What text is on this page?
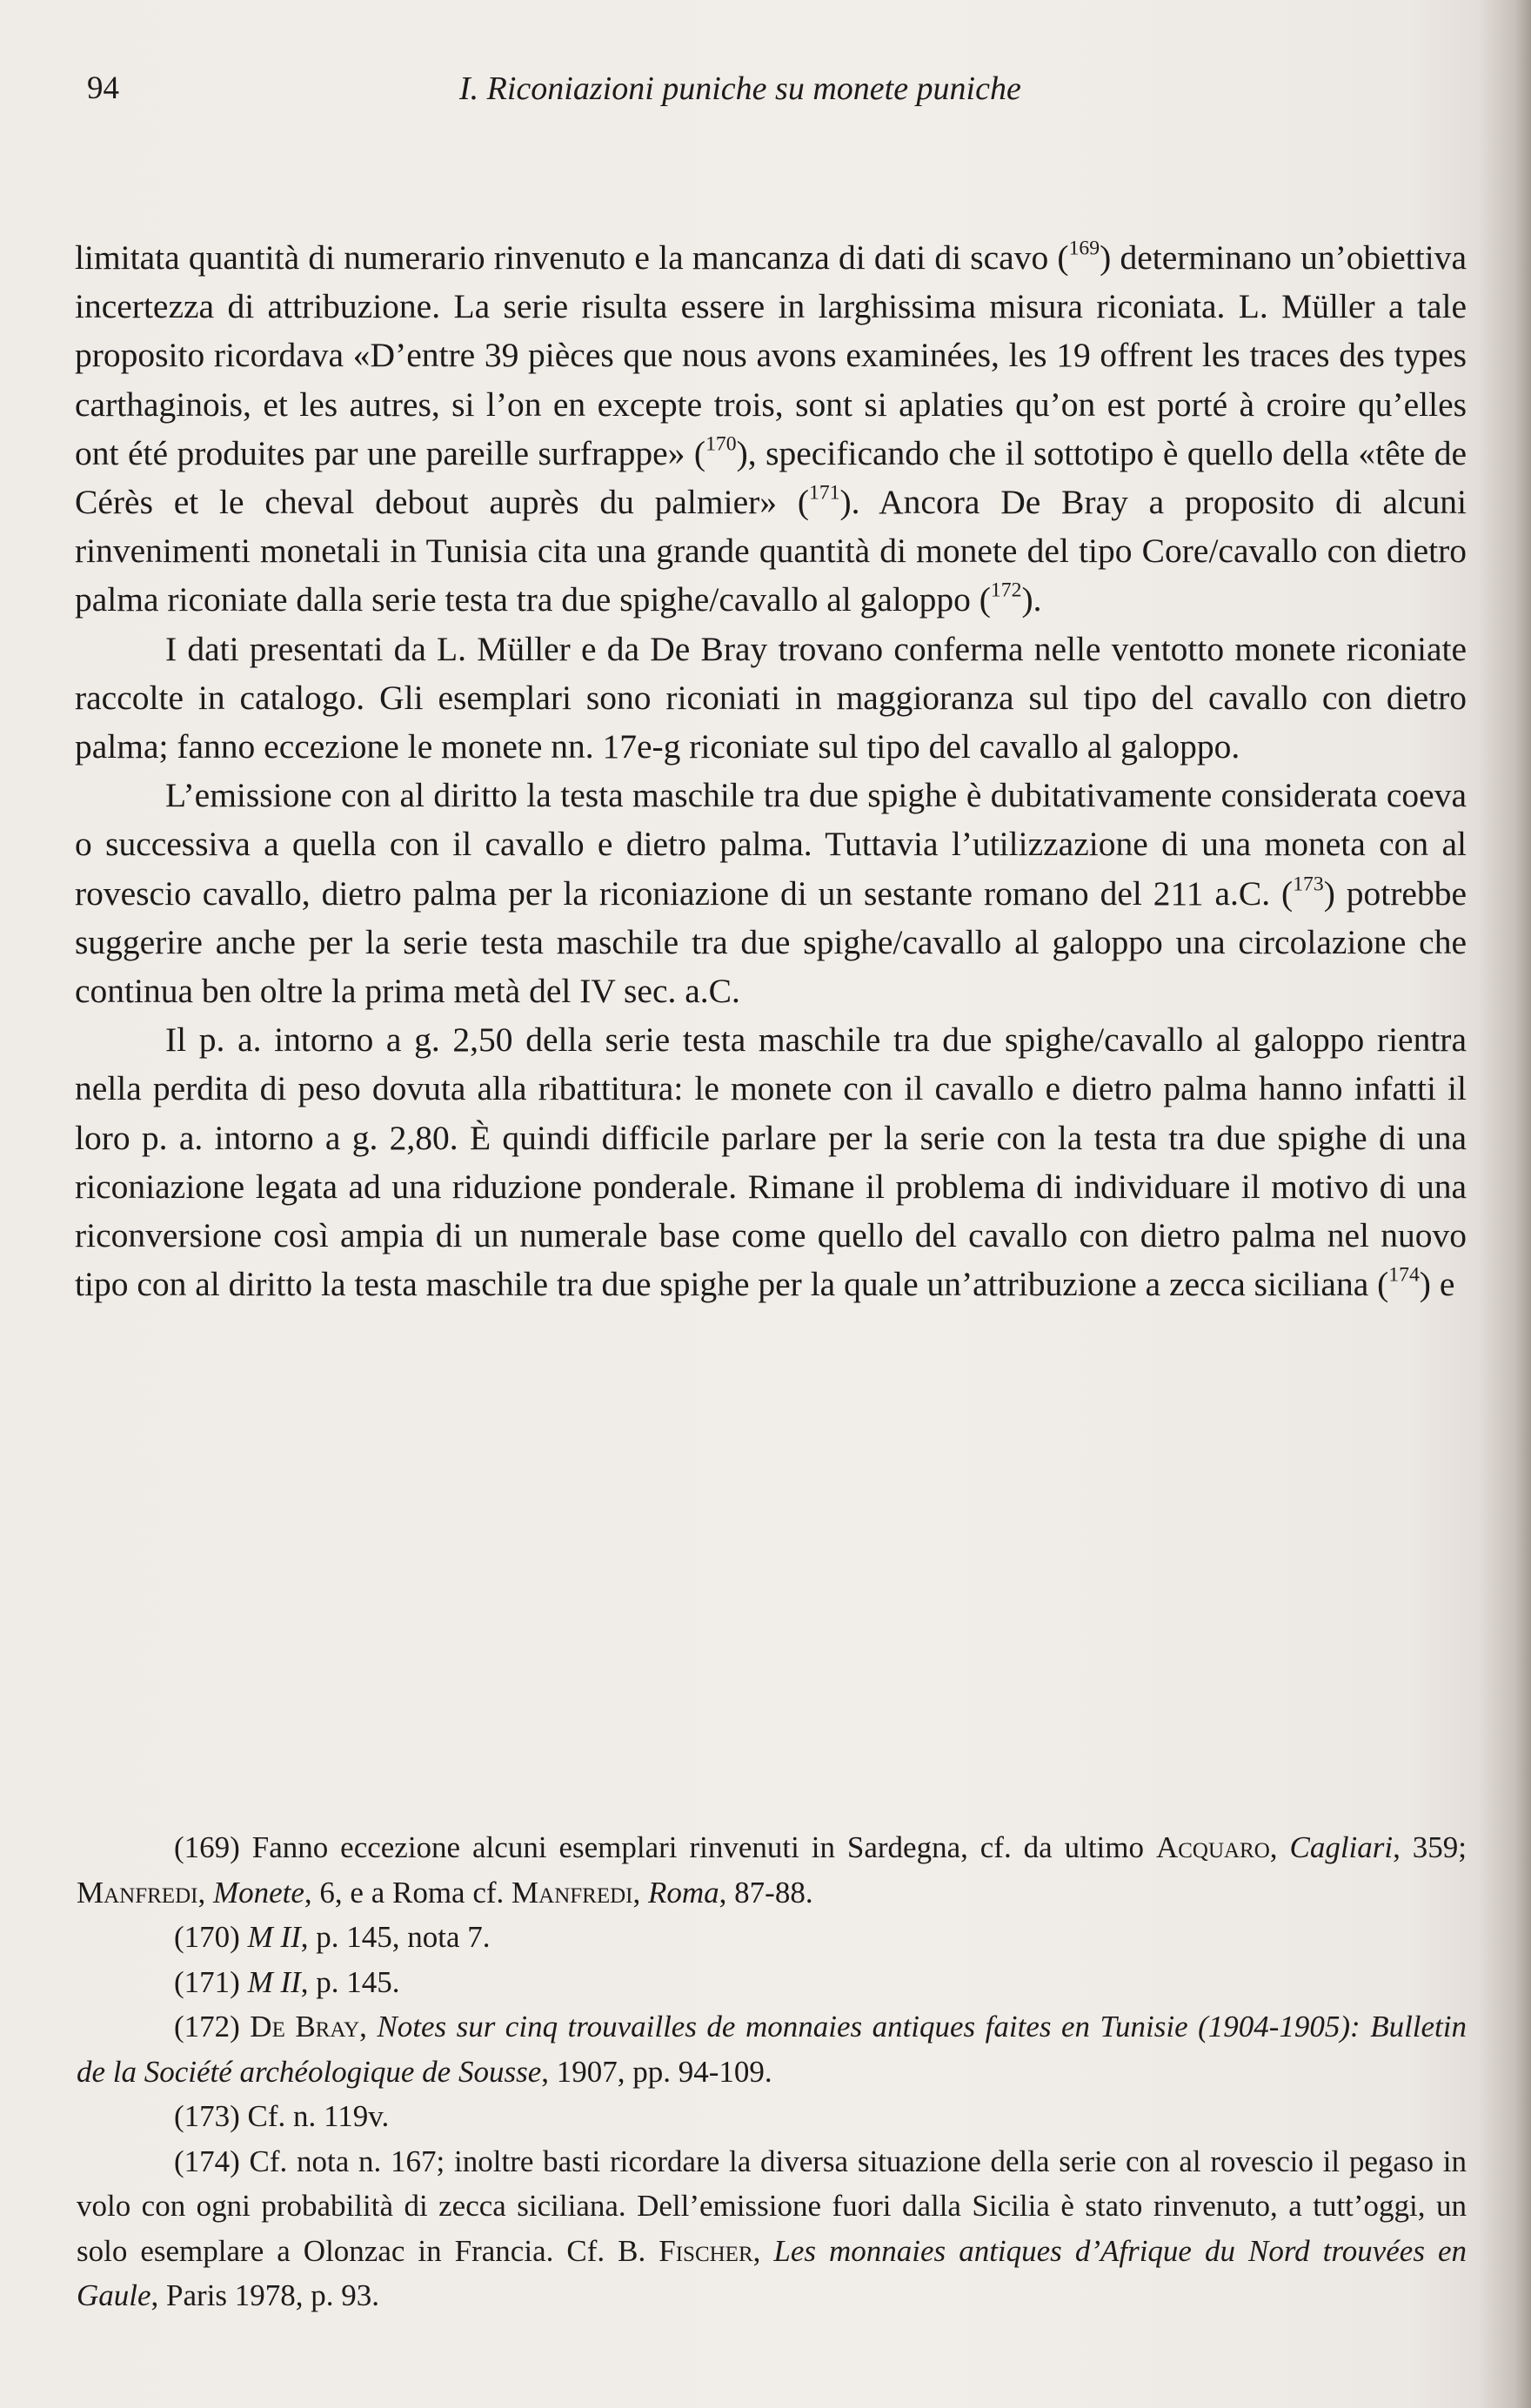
94	I. Riconiazioni puniche su monete puniche

limitata quantità di numerario rinvenuto e la mancanza di dati di scavo ($^{169}$) determinano un’obiettiva incertezza di attribuzione. La serie risulta essere in larghissima misura riconiata. L. Müller a tale proposito ricordava «D’entre 39 pièces que nous avons examinées, les 19 offrent les traces des types carthaginois, et les autres, si l’on en excepte trois, sont si aplaties qu’on est porté à croire qu’elles ont été produites par une pareille surfrappe» ($^{170}$), specificando che il sottotipo è quello della «tête de Cérès et le cheval debout auprès du palmier» ($^{171}$). Ancora De Bray a proposito di alcuni rinvenimenti monetali in Tunisia cita una grande quantità di monete del tipo Core/cavallo con dietro palma riconiate dalla serie testa tra due spighe/cavallo al galoppo ($^{172}$).

I dati presentati da L. Müller e da De Bray trovano conferma nelle ventotto monete riconiate raccolte in catalogo. Gli esemplari sono riconiati in maggioranza sul tipo del cavallo con dietro palma; fanno eccezione le monete nn. 17e-g riconiate sul tipo del cavallo al galoppo.

L’emissione con al diritto la testa maschile tra due spighe è dubitativamente considerata coeva o successiva a quella con il cavallo e dietro palma. Tuttavia l’utilizzazione di una moneta con al rovescio cavallo, dietro palma per la riconiazione di un sestante romano del 211 a.C. ($^{173}$) potrebbe suggerire anche per la serie testa maschile tra due spighe/cavallo al galoppo una circolazione che continua ben oltre la prima metà del IV sec. a.C.

Il p. a. intorno a g. 2,50 della serie testa maschile tra due spighe/cavallo al galoppo rientra nella perdita di peso dovuta alla ribattitura: le monete con il cavallo e dietro palma hanno infatti il loro p. a. intorno a g. 2,80. È quindi difficile parlare per la serie con la testa tra due spighe di una riconiazione legata ad una riduzione ponderale. Rimane il problema di individuare il motivo di una riconversione così ampia di un numerale base come quello del cavallo con dietro palma nel nuovo tipo con al diritto la testa maschile tra due spighe per la quale un’attribuzione a zecca siciliana ($^{174}$) e

(169) Fanno eccezione alcuni esemplari rinvenuti in Sardegna, cf. da ultimo Acquaro, Cagliari, 359; Manfredi, Monete, 6, e a Roma cf. Manfredi, Roma, 87-88.

(170) M II, p. 145, nota 7.

(171) M II, p. 145.

(172) De Bray, Notes sur cinq trouvailles de monnaies antiques faites en Tunisie (1904-1905): Bulletin de la Société archéologique de Sousse, 1907, pp. 94-109.

(173) Cf. n. 119v.

(174) Cf. nota n. 167; inoltre basti ricordare la diversa situazione della serie con al rovescio il pegaso in volo con ogni probabilità di zecca siciliana. Dell’emissione fuori dalla Sicilia è stato rinvenuto, a tutt’oggi, un solo esemplare a Olonzac in Francia. Cf. B. Fischer, Les monnaies antiques d’Afrique du Nord trouvées en Gaule, Paris 1978, p. 93.
